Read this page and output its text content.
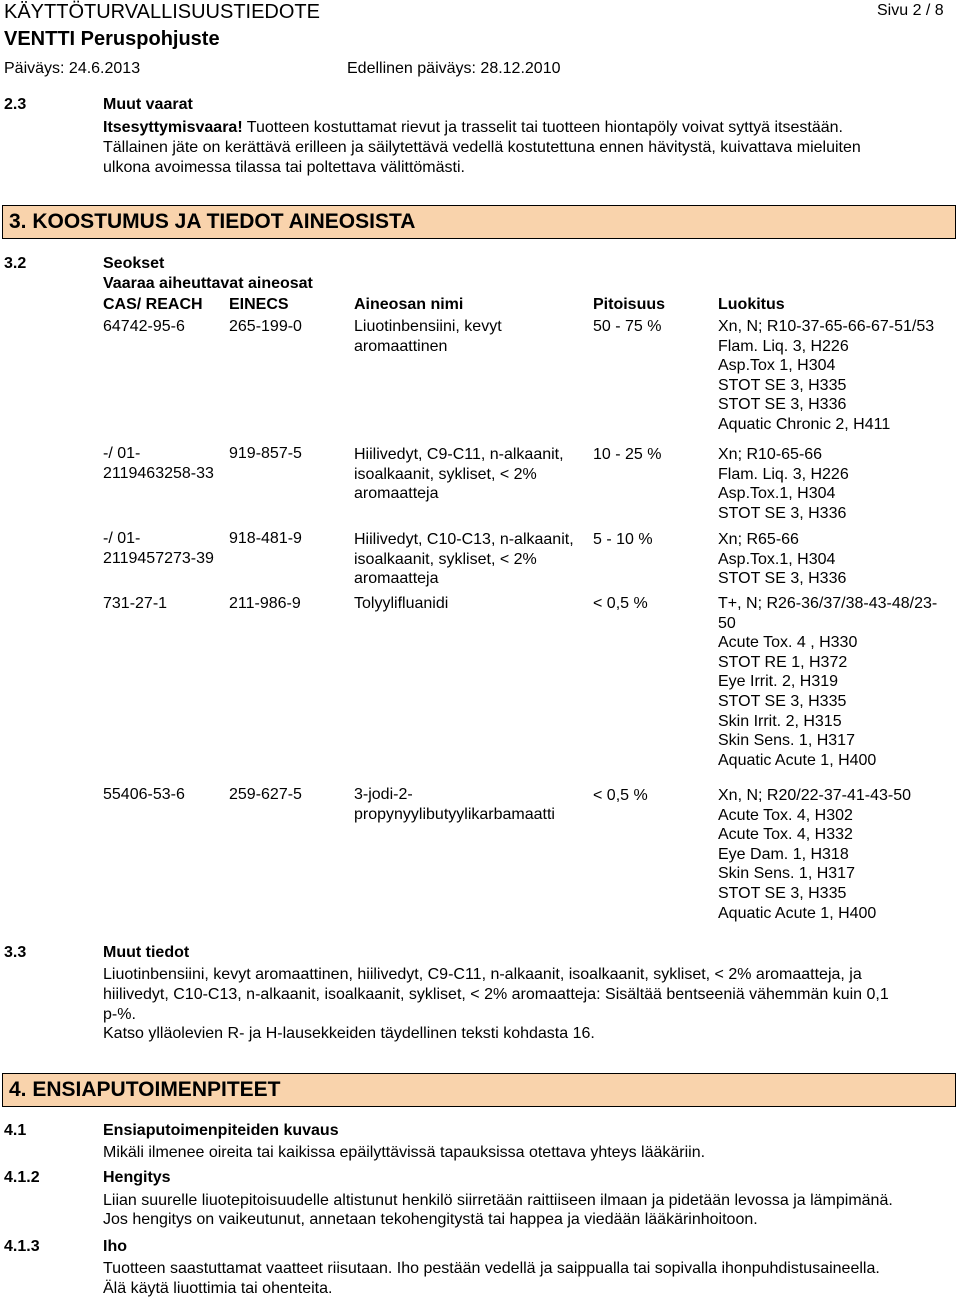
KÄYTTÖTURVALLISUUSTIEDOTE	Sivu 2 / 8
VENTTI Peruspohjuste
Päiväys: 24.6.2013	Edellinen päiväys: 28.12.2010
2.3	Muut vaarat
Itsesyttymisvaara! Tuotteen kostuttamat rievut ja trasselit tai tuotteen hiontapöly voivat syttyä itsestään.
Tällainen jäte on kerättävä erilleen ja säilytettävä vedellä kostutettuna ennen hävitystä, kuivattava mieluiten
ulkona avoimessa tilassa tai poltettava välittömästi.
3. KOOSTUMUS JA TIEDOT AINEOSISTA
3.2	Seokset
Vaaraa aiheuttavat aineosat
CAS/ REACH EINECS	Aineosan nimi	Pitoisuus	Luokitus
64742-95-6	265-199-0	Liuotinbensiini, kevyt
aromaattinen
50 - 75 %	Xn, N; R10-37-65-66-67-51/53
Flam. Liq. 3, H226
Asp.Tox 1, H304
STOT SE 3, H335
STOT SE 3, H336
Aquatic Chronic 2, H411
-/ 01-
2119463258-33
919-857-5	Hiilivedyt, C9-C11, n-alkaanit,
isoalkaanit, sykliset, < 2%
aromaatteja
10 - 25 %	Xn; R10-65-66
Flam. Liq. 3, H226
Asp.Tox.1, H304
STOT SE 3, H336
-/ 01-
2119457273-39
918-481-9	Hiilivedyt, C10-C13, n-alkaanit,
isoalkaanit, sykliset, < 2%
aromaatteja
5 - 10 %	Xn; R65-66
Asp.Tox.1, H304
STOT SE 3, H336
731-27-1	211-986-9	Tolyylifluanidi	< 0,5 %	T+, N; R26-36/37/38-43-48/23-
50
Acute Tox. 4 , H330
STOT RE 1, H372
Eye Irrit. 2, H319
STOT SE 3, H335
Skin Irrit. 2, H315
Skin Sens. 1, H317
Aquatic Acute 1, H400
55406-53-6	259-627-5	3-jodi-2-
propynyylibutyylikarbamaatti
< 0,5 %	Xn, N; R20/22-37-41-43-50
Acute Tox. 4, H302
Acute Tox. 4, H332
Eye Dam. 1, H318
Skin Sens. 1, H317
STOT SE 3, H335
Aquatic Acute 1, H400
3.3	Muut tiedot
Liuotinbensiini, kevyt aromaattinen, hiilivedyt, C9-C11, n-alkaanit, isoalkaanit, sykliset, < 2% aromaatteja, ja
hiilivedyt, C10-C13, n-alkaanit, isoalkaanit, sykliset, < 2% aromaatteja: Sisältää bentseeniä vähemmän kuin 0,1
p-%.
Katso ylläolevien R- ja H-lausekkeiden täydellinen teksti kohdasta 16.
4. ENSIAPUTOIMENPITEET
4.1	Ensiaputoimenpiteiden kuvaus
Mikäli ilmenee oireita tai kaikissa epäilyttävissä tapauksissa otettava yhteys lääkäriin.
4.1.2	Hengitys
Liian suurelle liuotepitoisuudelle altistunut henkilö siirretään raittiiseen ilmaan ja pidetään levossa ja lämpimänä.
Jos hengitys on vaikeutunut, annetaan tekohengitystä tai happea ja viedään lääkärinhoitoon.
4.1.3	Iho
Tuotteen saastuttamat vaatteet riisutaan. Iho pestään vedellä ja saippualla tai sopivalla ihonpuhdistusaineella.
Älä käytä liuottimia tai ohenteita.
